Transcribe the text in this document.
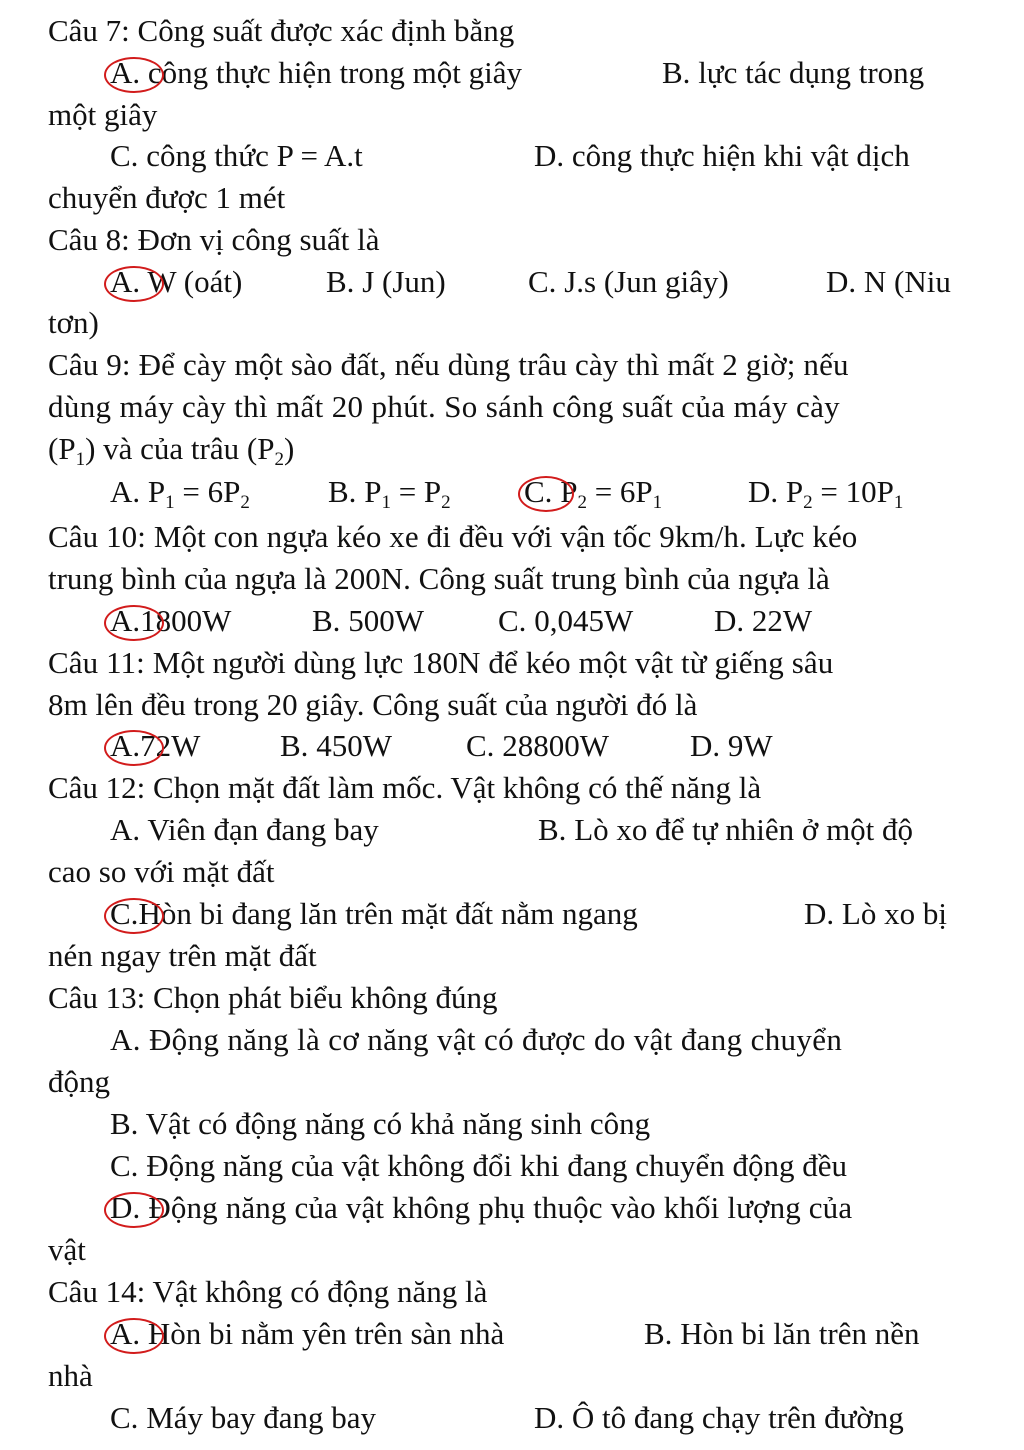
Câu 7: Công suất được xác định bằng
A. công thực hiện trong một giây	B. lực tác dụng trong
một giây
C. công thức P = A.t	D. công thực hiện khi vật dịch
chuyển được 1 mét
Câu 8: Đơn vị công suất là
A. W (oát)	B. J (Jun)	C. J.s (Jun giây)	D. N (Niu
tơn)
Câu 9: Để cày một sào đất, nếu dùng trâu cày thì mất 2 giờ; nếu
dùng máy cày thì mất 20 phút. So sánh công suất của máy cày
$(P_1)$ và của trâu $(P_2)$
A. $P_1 = 6P_2$	B. $P_1 = P_2$ C. $P_2 = 6P_1$	D. $P_2 = 10P_1$
Câu 10: Một con ngựa kéo xe đi đều với vận tốc 9km/h. Lực kéo
trung bình của ngựa là 200N. Công suất trung bình của ngựa là
A.1800W	B. 500W C. 0,045W	D. 22W
Câu 11: Một người dùng lực 180N để kéo một vật từ giếng sâu
8m lên đều trong 20 giây. Công suất của người đó là
A.72W	B. 450W C. 28800W	D. 9W
Câu 12: Chọn mặt đất làm mốc. Vật không có thế năng là
A. Viên đạn đang bay	B. Lò xo để tự nhiên ở một độ
cao so với mặt đất
C.Hòn bi đang lăn trên mặt đất nằm ngang	D. Lò xo bị
nén ngay trên mặt đất
Câu 13: Chọn phát biểu không đúng
A. Động năng là cơ năng vật có được do vật đang chuyển
động
B. Vật có động năng có khả năng sinh công
C. Động năng của vật không đổi khi đang chuyển động đều
D. Động năng của vật không phụ thuộc vào khối lượng của
vật
Câu 14: Vật không có động năng là
A. Hòn bi nằm yên trên sàn nhà	B. Hòn bi lăn trên nền
nhà
C. Máy bay đang bay	D. Ô tô đang chạy trên đường
